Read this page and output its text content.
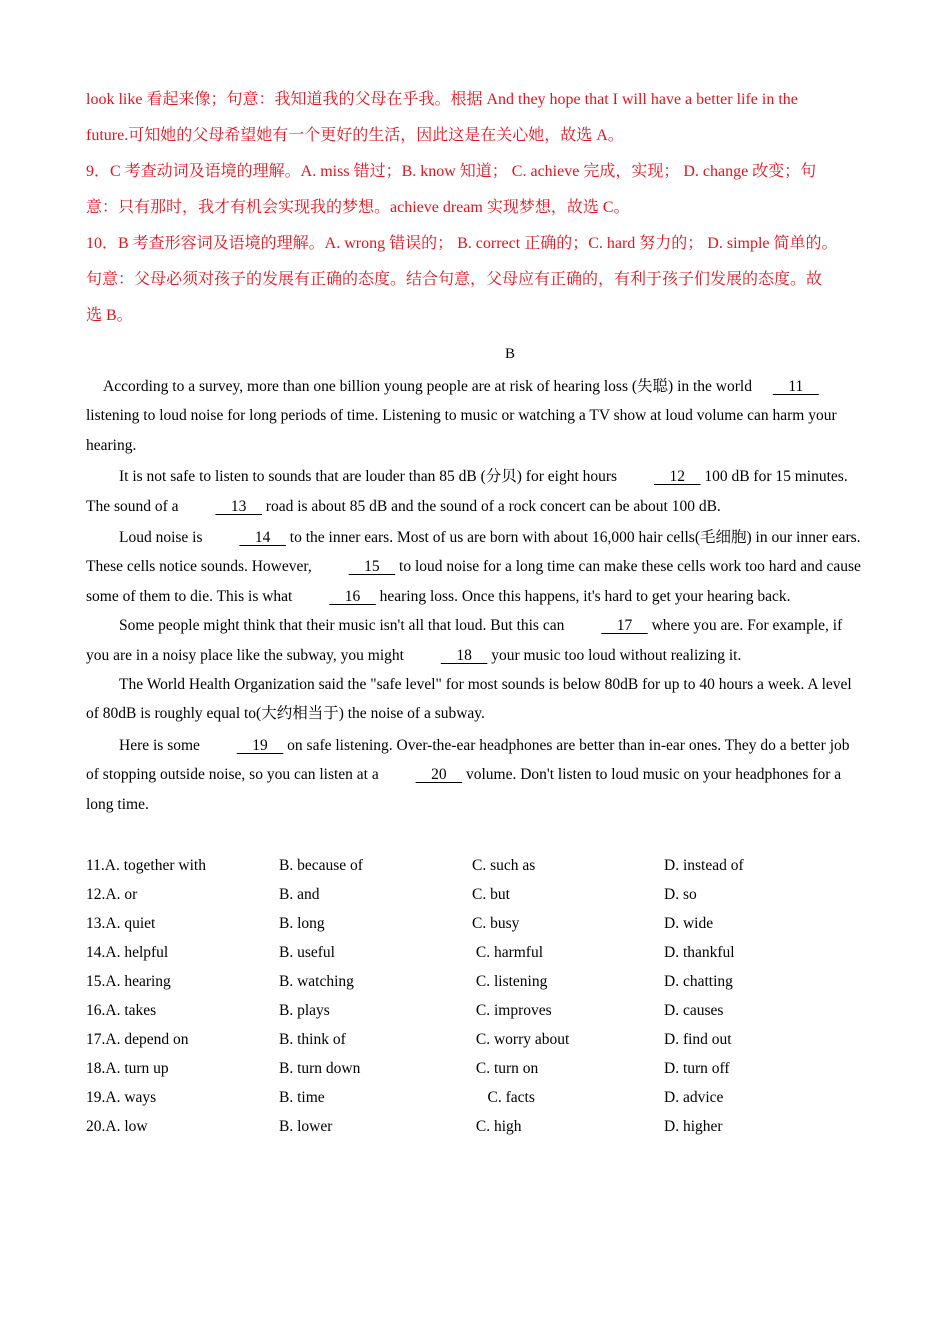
look like 看起来像；句意：我知道我的父母在乎我。根据 And they hope that I will have a better life in the
future.可知她的父母希望她有一个更好的生活，因此这是在关心她，故选 A。
9．C 考查动词及语境的理解。A. miss 错过；B. know 知道； C. achieve 完成，实现； D. change 改变；句
意：只有那时，我才有机会实现我的梦想。achieve dream 实现梦想，故选 C。
10．B 考查形容词及语境的理解。A. wrong 错误的； B. correct 正确的；C. hard 努力的； D. simple 简单的。
句意：父母必须对孩子的发展有正确的态度。结合句意，父母应有正确的，有利于孩子们发展的态度。故
选 B。
B

According to a survey, more than one billion young people are at risk of hearing loss (失聪) in the world     11     listening to loud noise for long periods of time. Listening to music or watching a TV show at loud volume can harm your hearing.

It is not safe to listen to sounds that are louder than 85 dB (分贝) for eight hours     12     100 dB for 15 minutes. The sound of a     13     road is about 85 dB and the sound of a rock concert can be about 100 dB.

Loud noise is     14     to the inner ears. Most of us are born with about 16,000 hair cells(毛细胞) in our inner ears. These cells notice sounds. However,     15     to loud noise for a long time can make these cells work too hard and cause some of them to die. This is what     16     hearing loss. Once this happens, it's hard to get your hearing back.

Some people might think that their music isn't all that loud. But this can     17     where you are. For example, if you are in a noisy place like the subway, you might     18     your music too loud without realizing it.

The World Health Organization said the "safe level" for most sounds is below 80dB for up to 40 hours a week. A level of 80dB is roughly equal to(大约相当于) the noise of a subway.

Here is some     19     on safe listening. Over-the-ear headphones are better than in-ear ones. They do a better job of stopping outside noise, so you can listen at a     20     volume. Don't listen to loud music on your headphones for a long time.

11.A. together with	B. because of	C. such as	D. instead of
12.A. or	B. and	C. but	D. so
13.A. quiet	B. long	C. busy	D. wide
14.A. helpful	B. useful	C. harmful	D. thankful
15.A. hearing	B. watching	C. listening	D. chatting
16.A. takes	B. plays	C. improves	D. causes
17.A. depend on	B. think of	C. worry about	D. find out
18.A. turn up	B. turn down	C. turn on	D. turn off
19.A. ways	B. time	C. facts	D. advice
20.A. low	B. lower	C. high	D. higher
